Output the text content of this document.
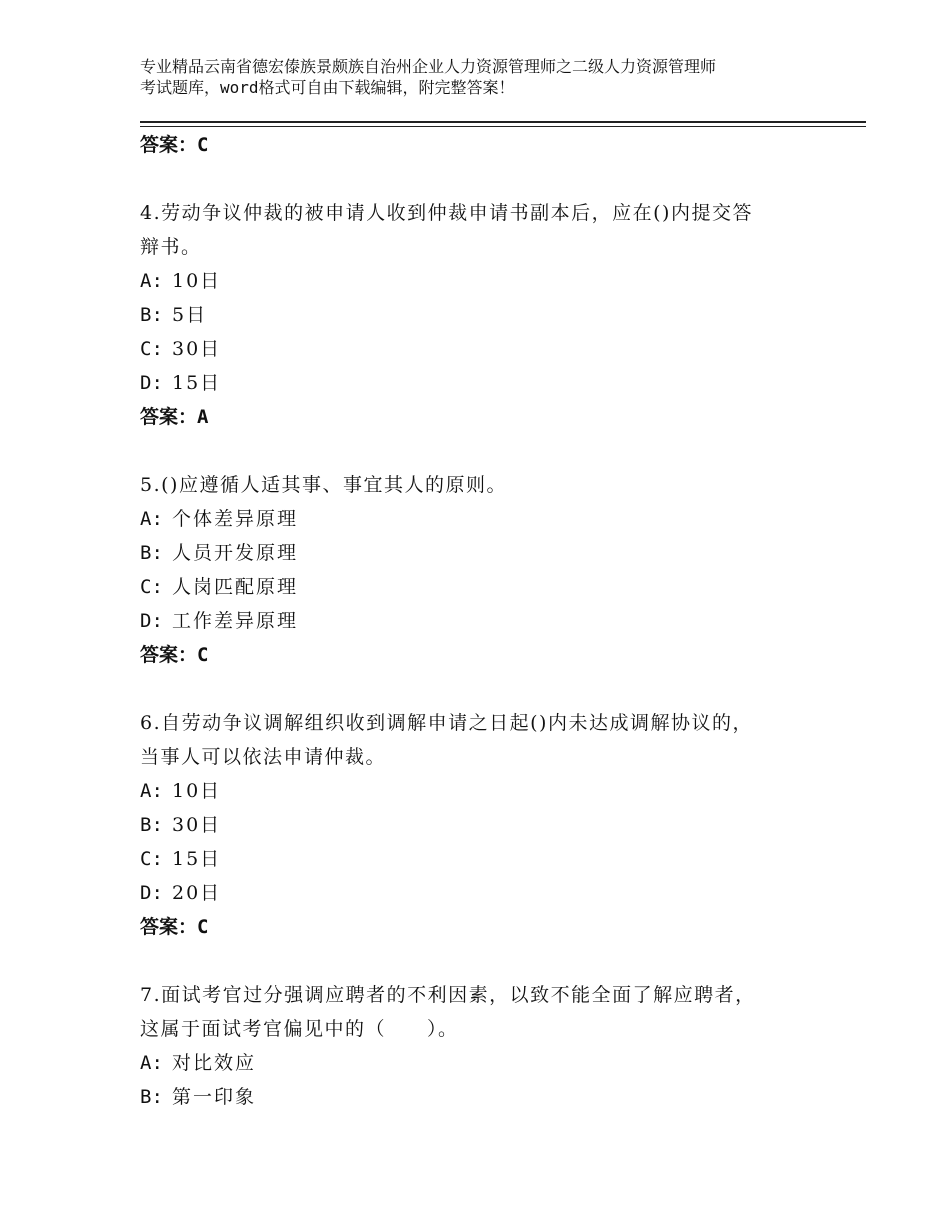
专业精品云南省德宏傣族景颇族自治州企业人力资源管理师之二级人力资源管理师
考试题库，word格式可自由下载编辑，附完整答案！
答案：C
4.劳动争议仲裁的被申请人收到仲裁申请书副本后，应在()内提交答
辩书。
A: 10日
B: 5日
C: 30日
D: 15日
答案：A
5.()应遵循人适其事、事宜其人的原则。
A: 个体差异原理
B: 人员开发原理
C: 人岗匹配原理
D: 工作差异原理
答案：C
6.自劳动争议调解组织收到调解申请之日起()内未达成调解协议的，
当事人可以依法申请仲裁。
A: 10日
B: 30日
C: 15日
D: 20日
答案：C
7.面试考官过分强调应聘者的不利因素，以致不能全面了解应聘者，
这属于面试考官偏见中的（　　）。
A: 对比效应
B: 第一印象
